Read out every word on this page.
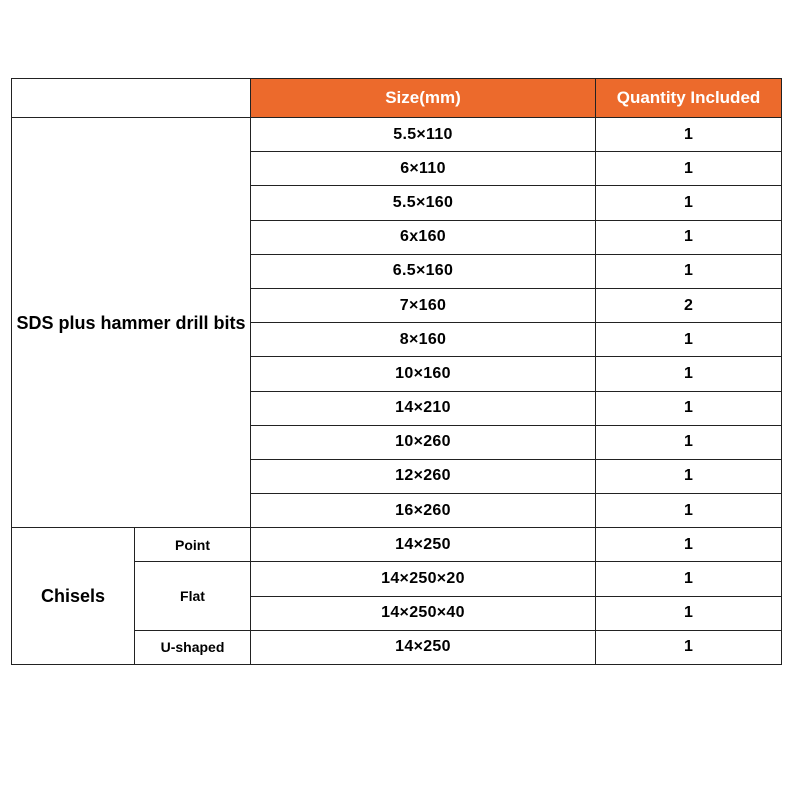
		Size(mm)	Quantity Included
SDS plus hammer drill bits		5.5×110	1
		6×110	1
		5.5×160	1
		6x160	1
		6.5×160	1
		7×160	2
		8×160	1
		10×160	1
		14×210	1
		10×260	1
		12×260	1
		16×260	1
Chisels	Point	14×250	1
	Flat	14×250×20	1
		14×250×40	1
	U-shaped	14×250	1
